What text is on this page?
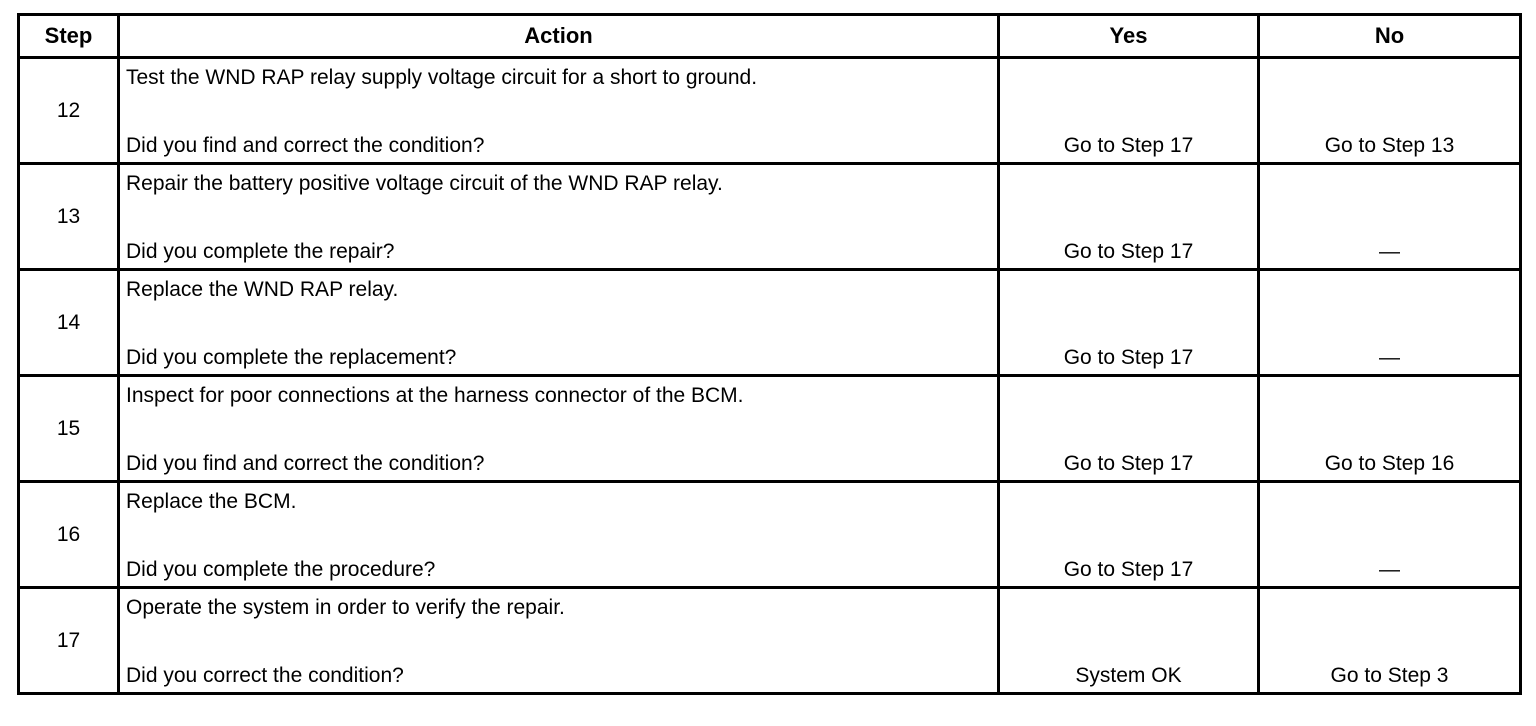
Step	Action	Yes	No
12	Test the WND RAP relay supply voltage circuit for a short to ground.
Did you find and correct the condition?	Go to Step 17	Go to Step 13

13	Repair the battery positive voltage circuit of the WND RAP relay.
Did you complete the repair?	Go to Step 17	—

14	Replace the WND RAP relay.
Did you complete the replacement?	Go to Step 17	—

15	Inspect for poor connections at the harness connector of the BCM.
Did you find and correct the condition?	Go to Step 17	Go to Step 16

16	Replace the BCM.
Did you complete the procedure?	Go to Step 17	—

17	Operate the system in order to verify the repair.
Did you correct the condition?	System OK	Go to Step 3
